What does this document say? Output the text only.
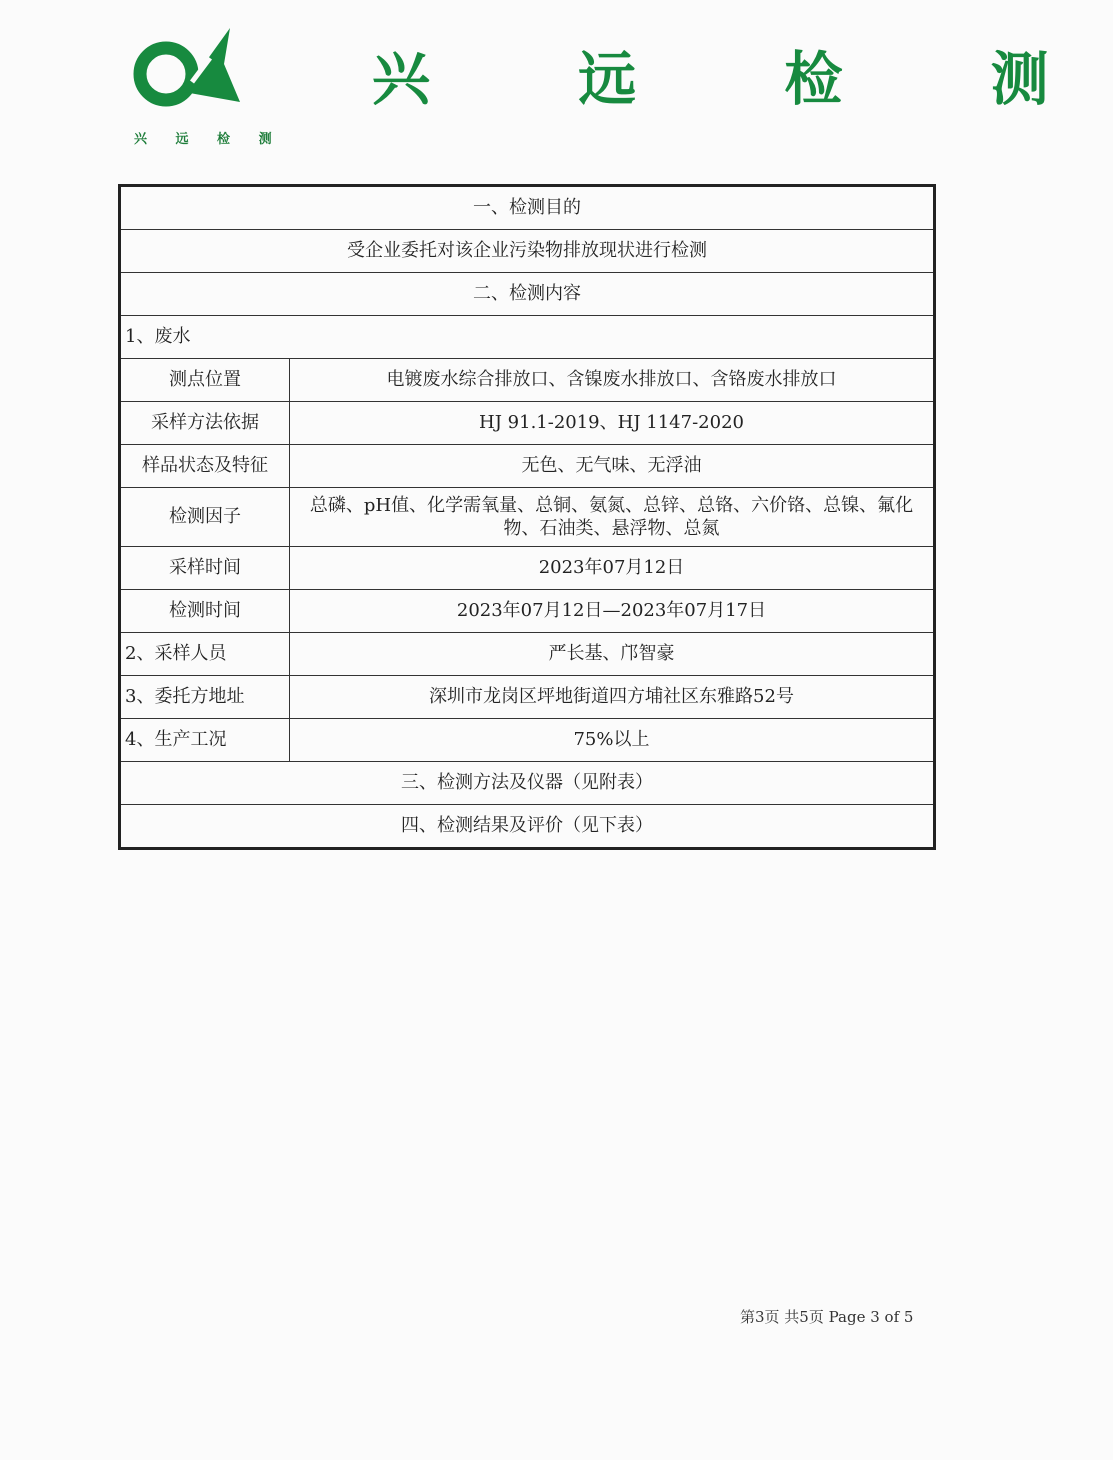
兴 远 检 测
兴 远 检 测
一、检测目的	
受企业委托对该企业污染物排放现状进行检测	
二、检测内容	
1、废水	
测点位置	电镀废水综合排放口、含镍废水排放口、含铬废水排放口
采样方法依据	HJ 91.1-2019、HJ 1147-2020
样品状态及特征	无色、无气味、无浮油
检测因子	总磷、pH值、化学需氧量、总铜、氨氮、总锌、总铬、六价铬、总镍、氟化物、石油类、悬浮物、总氮
采样时间	2023年07月12日
检测时间	2023年07月12日—2023年07月17日
2、采样人员	严长基、邝智豪
3、委托方地址	深圳市龙岗区坪地街道四方埔社区东雅路52号
4、生产工况	75%以上
三、检测方法及仪器（见附表）	
四、检测结果及评价（见下表）	
第3页 共5页 Page 3 of 5
